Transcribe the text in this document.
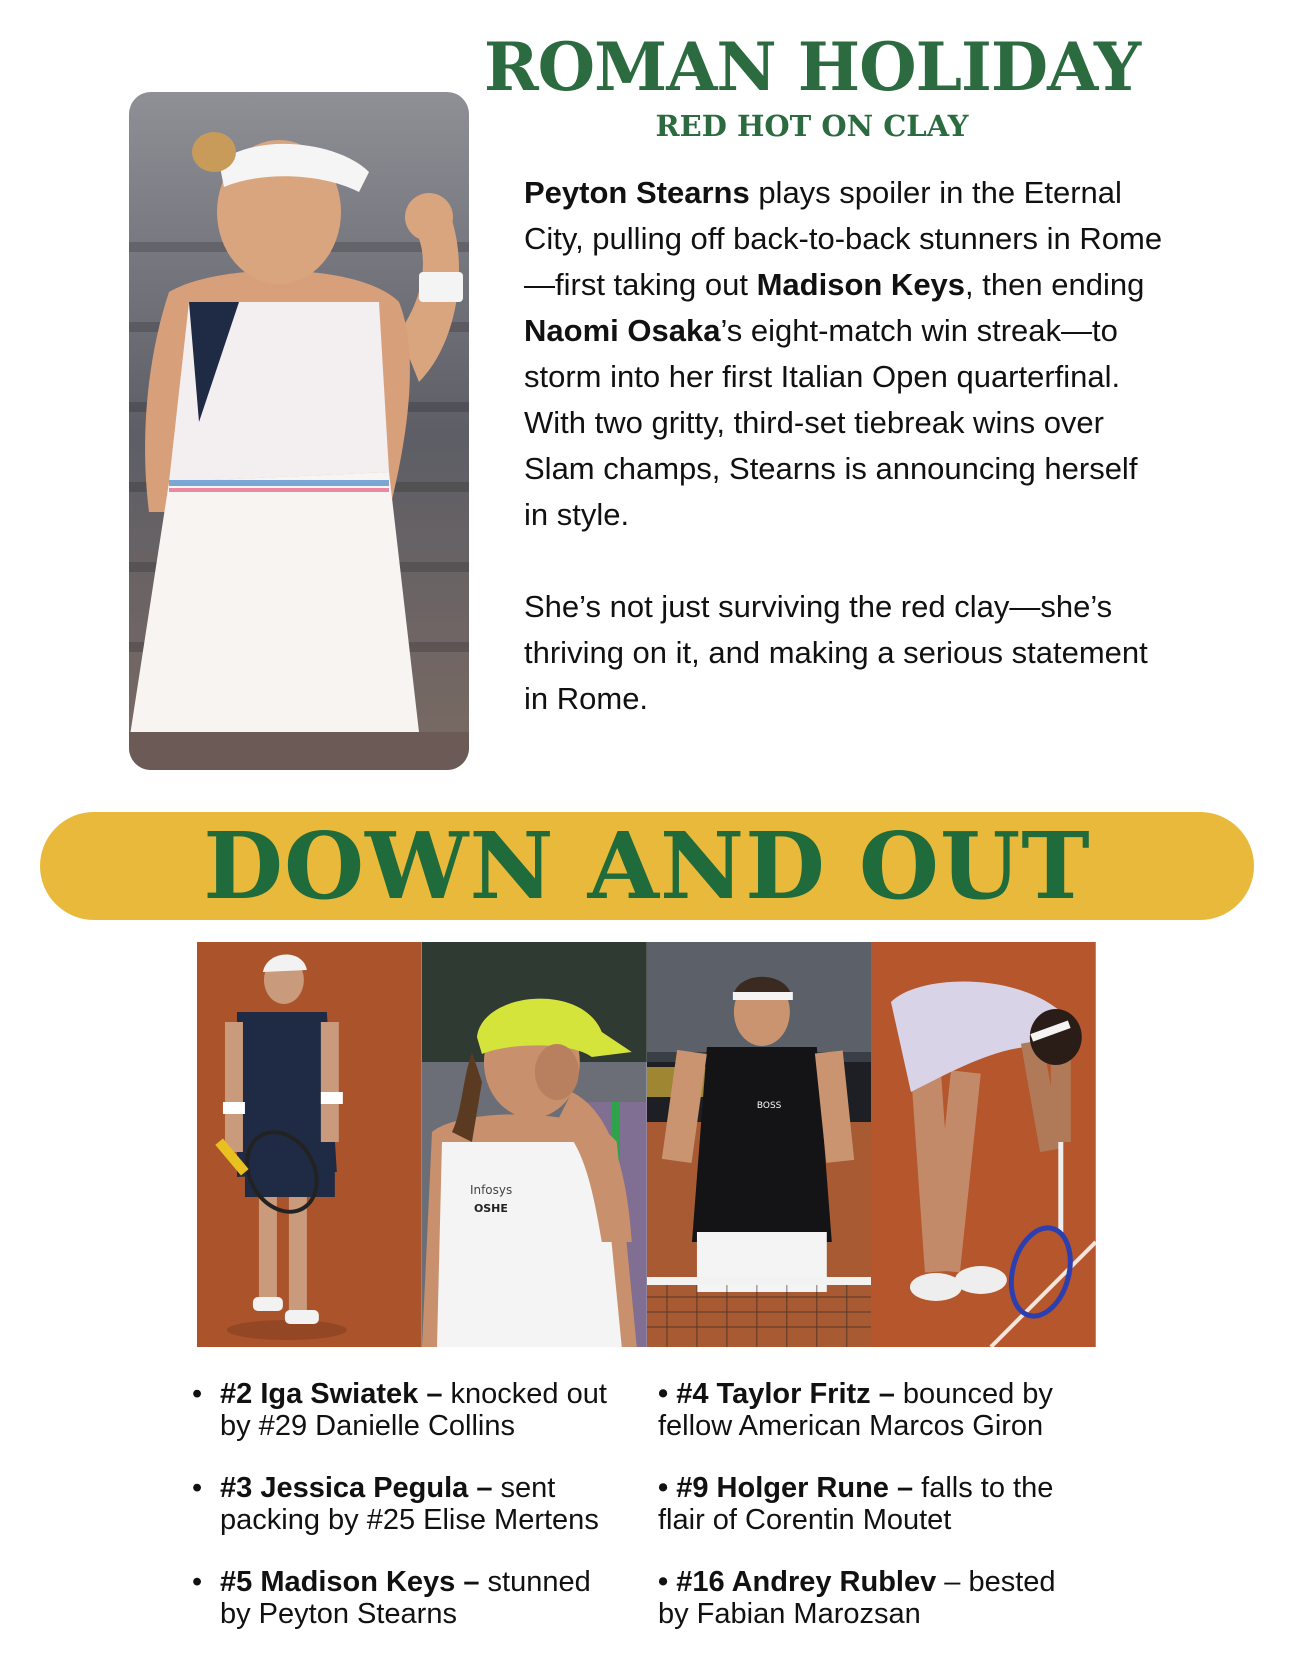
ROMAN HOLIDAY
RED HOT ON CLAY

Peyton Stearns plays spoiler in the Eternal City, pulling off back-to-back stunners in Rome—first taking out Madison Keys, then ending Naomi Osaka’s eight-match win streak—to storm into her first Italian Open quarterfinal. With two gritty, third-set tiebreak wins over Slam champs, Stearns is announcing herself in style.

She’s not just surviving the red clay—she’s thriving on it, and making a serious statement in Rome.

DOWN AND OUT
Infosys
OSHE
BOSS
• #2 Iga Swiatek – knocked out by #29 Danielle Collins
• #3 Jessica Pegula – sent packing by #25 Elise Mertens
• #5 Madison Keys – stunned by Peyton Stearns
• #4 Taylor Fritz – bounced by fellow American Marcos Giron
• #9 Holger Rune – falls to the flair of Corentin Moutet
• #16 Andrey Rublev – bested by Fabian Marozsan
